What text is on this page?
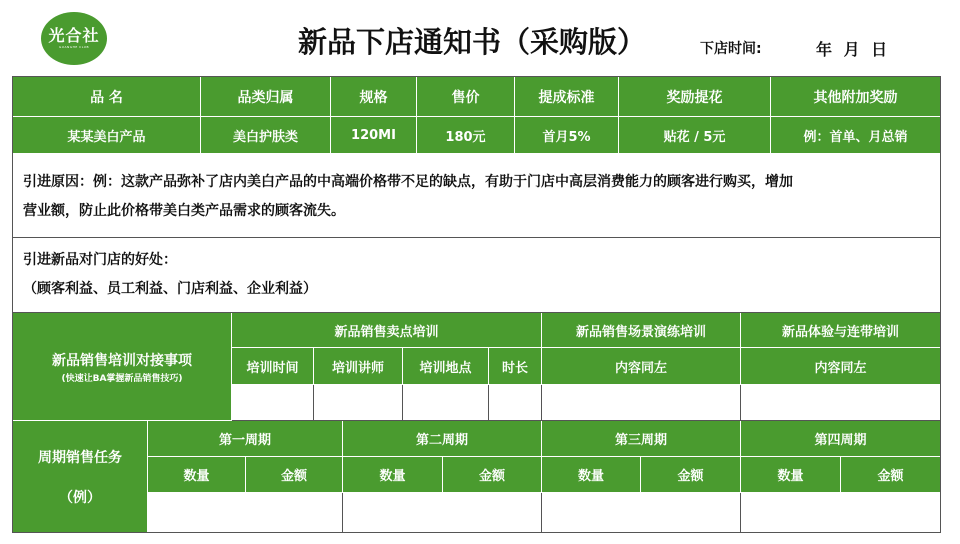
光合社
GUANGHE CLUB	新品下店通知书（采购版）	下店时间:	年 月 日
品 名	品类归属	规格	售价	提成标准	奖励提花	其他附加奖励
某某美白产品	美白护肤类	120MI	180元	首月5%	贴花 / 5元	例：首单、月总销
引进原因：例：这款产品弥补了店内美白产品的中高端价格带不足的缺点，有助于门店中高层消费能力的顾客进行购买，增加
营业额，防止此价格带美白类产品需求的顾客流失。
引进新品对门店的好处：
（顾客利益、员工利益、门店利益、企业利益）
新品销售培训对接事项
(快速让BA掌握新品销售技巧)
新品销售卖点培训	新品销售场景演练培训	新品体验与连带培训
培训时间	培训讲师	培训地点	时长	内容同左	内容同左
周期销售任务
（例）
第一周期	第二周期	第三周期	第四周期
数量	金额	数量	金额	数量	金额	数量	金额
